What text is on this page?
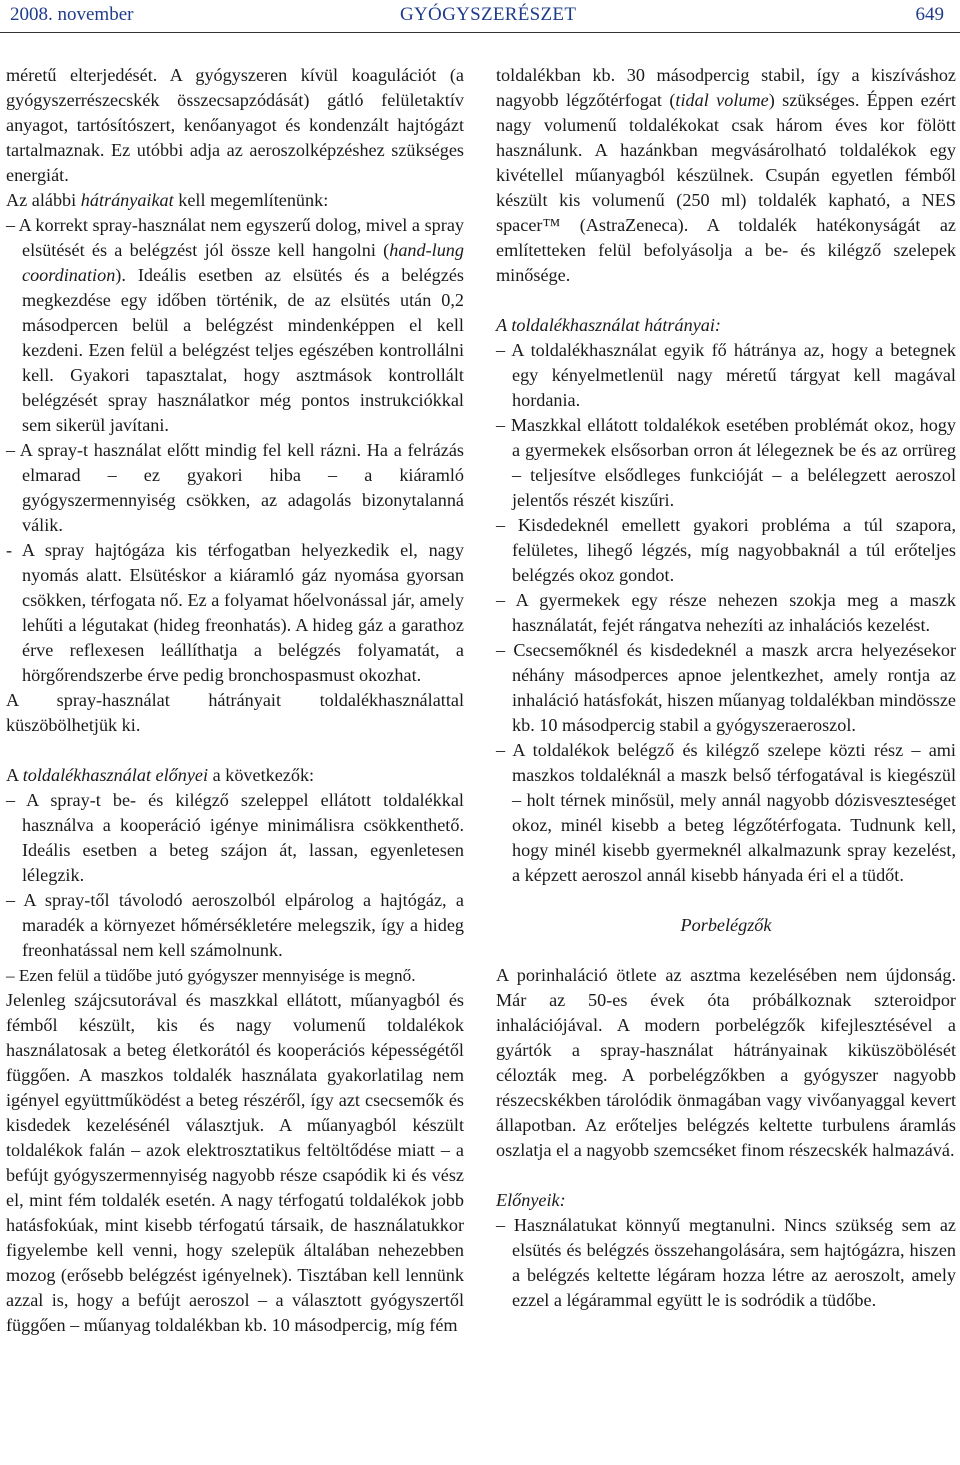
2008. november	GYÓGYSZERÉSZET	649

méretű elterjedését. A gyógyszeren kívül koagulációt (a gyógyszerrészecskék összecsapzódását) gátló felületaktív anyagot, tartósítószert, kenőanyagot és kondenzált hajtógázt tartalmaznak. Ez utóbbi adja az aeroszolképzéshez szükséges energiát.

Az alábbi hátrányaikat kell megemlítenünk:

– A korrekt spray-használat nem egyszerű dolog, mivel a spray elsütését és a belégzést jól össze kell hangolni (hand-lung coordination). Ideális esetben az elsütés és a belégzés megkezdése egy időben történik, de az elsütés után 0,2 másodpercen belül a belégzést mindenképpen el kell kezdeni. Ezen felül a belégzést teljes egészében kontrollálni kell. Gyakori tapasztalat, hogy asztmások kontrollált belégzését spray használatkor még pontos instrukciókkal sem sikerül javítani.

– A spray-t használat előtt mindig fel kell rázni. Ha a felrázás elmarad – ez gyakori hiba – a kiáramló gyógyszermennyiség csökken, az adagolás bizonytalanná válik.

- A spray hajtógáza kis térfogatban helyezkedik el, nagy nyomás alatt. Elsütéskor a kiáramló gáz nyomása gyorsan csökken, térfogata nő. Ez a folyamat hőelvonással jár, amely lehűti a légutakat (hideg freonhatás). A hideg gáz a garathoz érve reflexesen leállíthatja a belégzés folyamatát, a hörgőrendszerbe érve pedig bronchospasmust okozhat.

A spray-használat hátrányait toldalékhasználattal küszöbölhetjük ki.

A toldalékhasználat előnyei a következők:

– A spray-t be- és kilégző szeleppel ellátott toldalékkal használva a kooperáció igénye minimálisra csökkenthető. Ideális esetben a beteg szájon át, lassan, egyenletesen lélegzik.

– A spray-től távolodó aeroszolból elpárolog a hajtógáz, a maradék a környezet hőmérsékletére melegszik, így a hideg freonhatással nem kell számolnunk.

– Ezen felül a tüdőbe jutó gyógyszer mennyisége is megnő.

Jelenleg szájcsutorával és maszkkal ellátott, műanyagból és fémből készült, kis és nagy volumenű toldalékok használatosak a beteg életkorától és kooperációs képességétől függően. A maszkos toldalék használata gyakorlatilag nem igényel együttműködést a beteg részéről, így azt csecsemők és kisdedek kezelésénél választjuk. A műanyagból készült toldalékok falán – azok elektrosztatikus feltöltődése miatt – a befújt gyógyszermennyiség nagyobb része csapódik ki és vész el, mint fém toldalék esetén. A nagy térfogatú toldalékok jobb hatásfokúak, mint kisebb térfogatú társaik, de használatukkor figyelembe kell venni, hogy szelepük általában nehezebben mozog (erősebb belégzést igényelnek). Tisztában kell lennünk azzal is, hogy a befújt aeroszol – a választott gyógyszertől függően – műanyag toldalékban kb. 10 másodpercig, míg fém

toldalékban kb. 30 másodpercig stabil, így a kiszíváshoz nagyobb légzőtérfogat (tidal volume) szükséges. Éppen ezért nagy volumenű toldalékokat csak három éves kor fölött használunk. A hazánkban megvásárolható toldalékok egy kivétellel műanyagból készülnek. Csupán egyetlen fémből készült kis volumenű (250 ml) toldalék kapható, a NES spacer™ (AstraZeneca). A toldalék hatékonyságát az említetteken felül befolyásolja a be- és kilégző szelepek minősége.

A toldalékhasználat hátrányai:

– A toldalékhasználat egyik fő hátránya az, hogy a betegnek egy kényelmetlenül nagy méretű tárgyat kell magával hordania.

– Maszkkal ellátott toldalékok esetében problémát okoz, hogy a gyermekek elsősorban orron át lélegeznek be és az orrüreg – teljesítve elsődleges funkcióját – a belélegzett aeroszol jelentős részét kiszűri.

– Kisdedeknél emellett gyakori probléma a túl szapora, felületes, lihegő légzés, míg nagyobbaknál a túl erőteljes belégzés okoz gondot.

– A gyermekek egy része nehezen szokja meg a maszk használatát, fejét rángatva nehezíti az inhalációs kezelést.

– Csecsemőknél és kisdedeknél a maszk arcra helyezésekor néhány másodperces apnoe jelentkezhet, amely rontja az inhaláció hatásfokát, hiszen műanyag toldalékban mindössze kb. 10 másodpercig stabil a gyógyszeraeroszol.

– A toldalékok belégző és kilégző szelepe közti rész – ami maszkos toldaléknál a maszk belső térfogatával is kiegészül – holt térnek minősül, mely annál nagyobb dózisveszteséget okoz, minél kisebb a beteg légzőtérfogata. Tudnunk kell, hogy minél kisebb gyermeknél alkalmazunk spray kezelést, a képzett aeroszol annál kisebb hányada éri el a tüdőt.

Porbelégzők

A porinhaláció ötlete az asztma kezelésében nem újdonság. Már az 50-es évek óta próbálkoznak szteroidpor inhalációjával. A modern porbelégzők kifejlesztésével a gyártók a spray-használat hátrányainak kiküszöbölését célozták meg. A porbelégzőkben a gyógyszer nagyobb részecskékben tárolódik önmagában vagy vivőanyaggal kevert állapotban. Az erőteljes belégzés keltette turbulens áramlás oszlatja el a nagyobb szemcséket finom részecskék halmazává.

Előnyeik:

– Használatukat könnyű megtanulni. Nincs szükség sem az elsütés és belégzés összehangolására, sem hajtógázra, hiszen a belégzés keltette légáram hozza létre az aeroszolt, amely ezzel a légárammal együtt le is sodródik a tüdőbe.
